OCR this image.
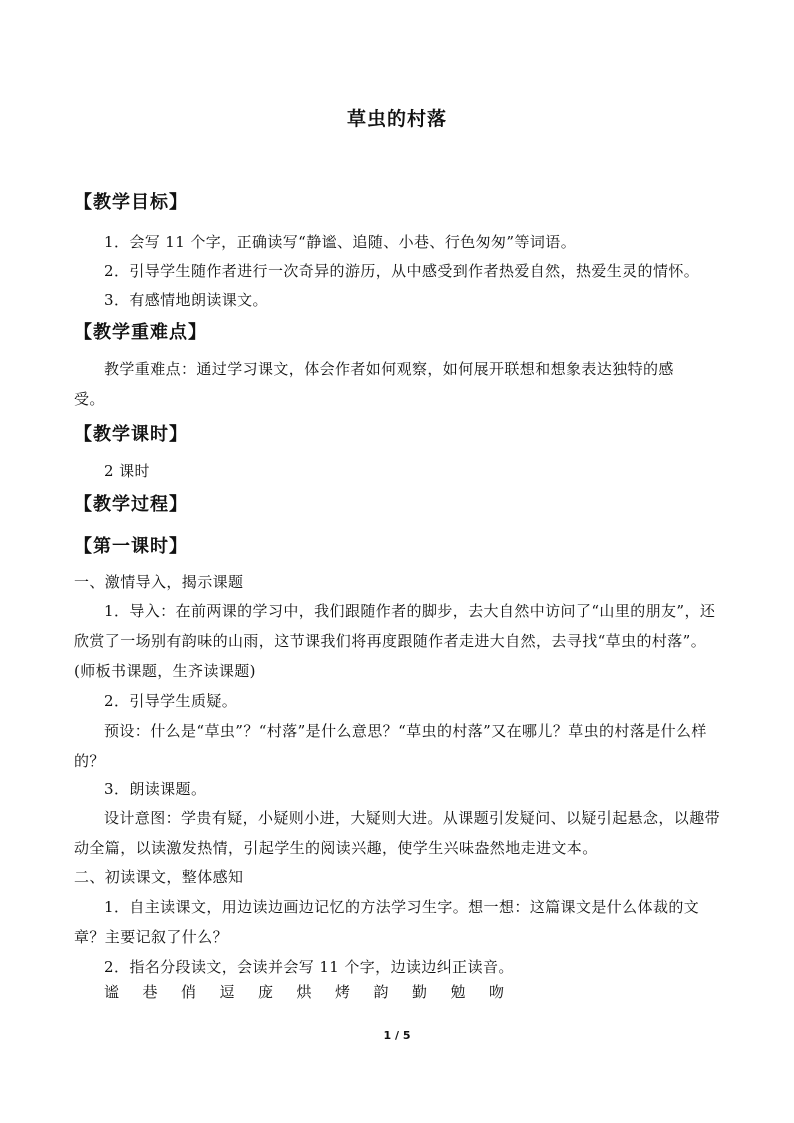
草虫的村落
【教学目标】
1．会写 11 个字，正确读写“静谧、追随、小巷、行色匆匆”等词语。
2．引导学生随作者进行一次奇异的游历，从中感受到作者热爱自然，热爱生灵的情怀。
3．有感情地朗读课文。
【教学重难点】
教学重难点：通过学习课文，体会作者如何观察，如何展开联想和想象表达独特的感受。
【教学课时】
2 课时
【教学过程】
【第一课时】
一、激情导入，揭示课题
1．导入：在前两课的学习中，我们跟随作者的脚步，去大自然中访问了“山里的朋友”，还欣赏了一场别有韵味的山雨，这节课我们将再度跟随作者走进大自然，去寻找“草虫的村落”。(师板书课题，生齐读课题)
2．引导学生质疑。
预设：什么是“草虫”？“村落”是什么意思？“草虫的村落”又在哪儿？草虫的村落是什么样的？
3．朗读课题。
设计意图：学贵有疑，小疑则小进，大疑则大进。从课题引发疑问、以疑引起悬念，以趣带动全篇，以读激发热情，引起学生的阅读兴趣，使学生兴味盎然地走进文本。
二、初读课文，整体感知
1．自主读课文，用边读边画边记忆的方法学习生字。想一想：这篇课文是什么体裁的文章？主要记叙了什么？
2．指名分段读文，会读并会写 11 个字，边读边纠正读音。
谧	巷	俏	逗	庞	烘	烤	韵	勤	勉	吻
1 / 5
